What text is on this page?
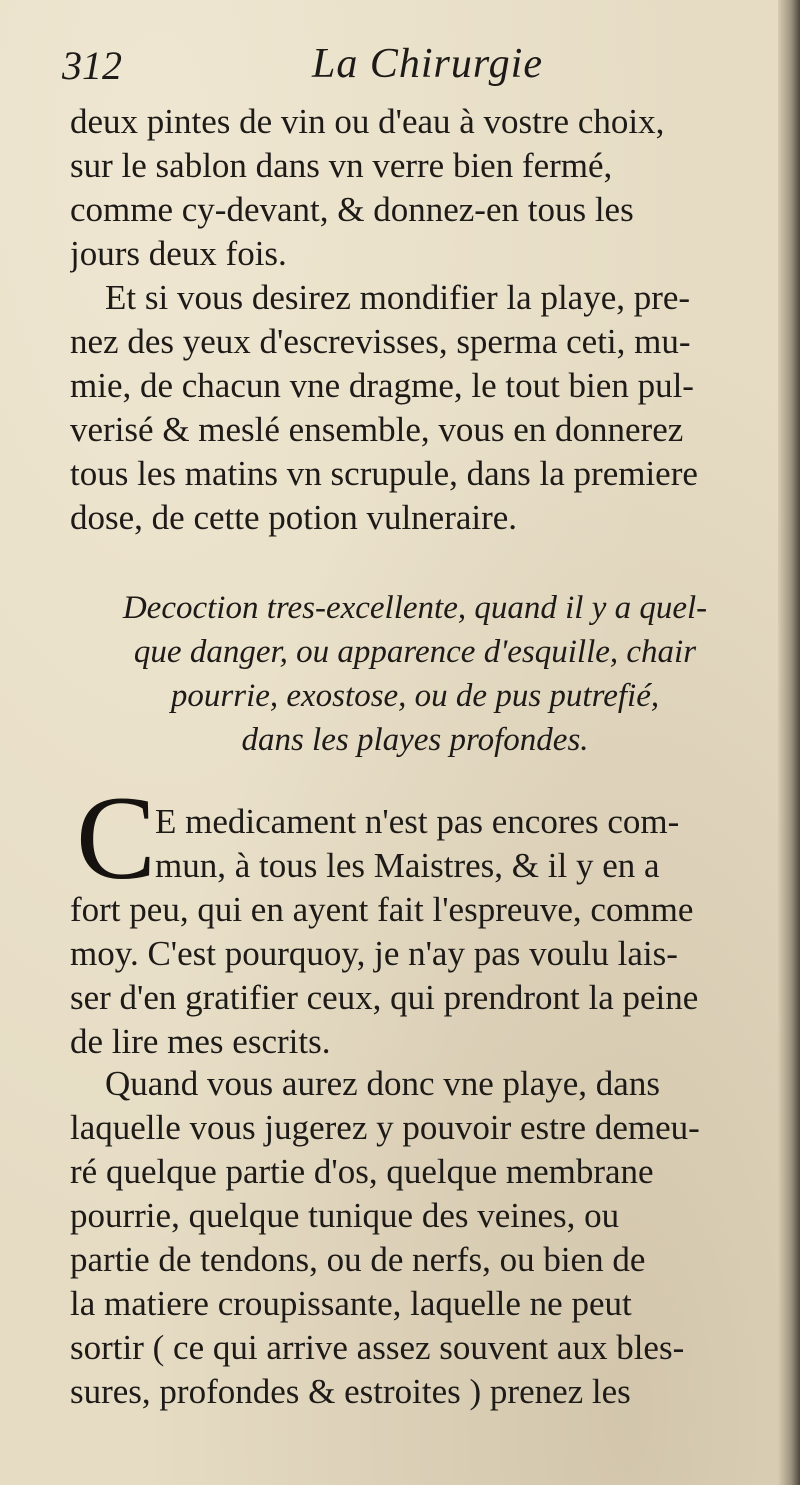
312	La Chirurgie

deux pintes de vin ou d'eau à vostre choix,

sur le sablon dans vn verre bien fermé,

comme cy-devant, & donnez-en tous les

jours deux fois.

Et si vous desirez mondifier la playe, pre-

nez des yeux d'escrevisses, sperma ceti, mu-

mie, de chacun vne dragme, le tout bien pul-

verisé & meslé ensemble, vous en donnerez

tous les matins vn scrupule, dans la premiere

dose, de cette potion vulneraire.

Decoction tres-excellente, quand il y a quel-
que danger, ou apparence d'esquille, chair
pourrie, exostose, ou de pus putrefié,
dans les playes profondes.
C

E medicament n'est pas encores com-

mun, à tous les Maistres, & il y en a

fort peu, qui en ayent fait l'espreuve, comme

moy. C'est pourquoy, je n'ay pas voulu lais-

ser d'en gratifier ceux, qui prendront la peine

de lire mes escrits.

Quand vous aurez donc vne playe, dans

laquelle vous jugerez y pouvoir estre demeu-

ré quelque partie d'os, quelque membrane

pourrie, quelque tunique des veines, ou

partie de tendons, ou de nerfs, ou bien de

la matiere croupissante, laquelle ne peut

sortir ( ce qui arrive assez souvent aux bles-

sures, profondes & estroites ) prenez les
